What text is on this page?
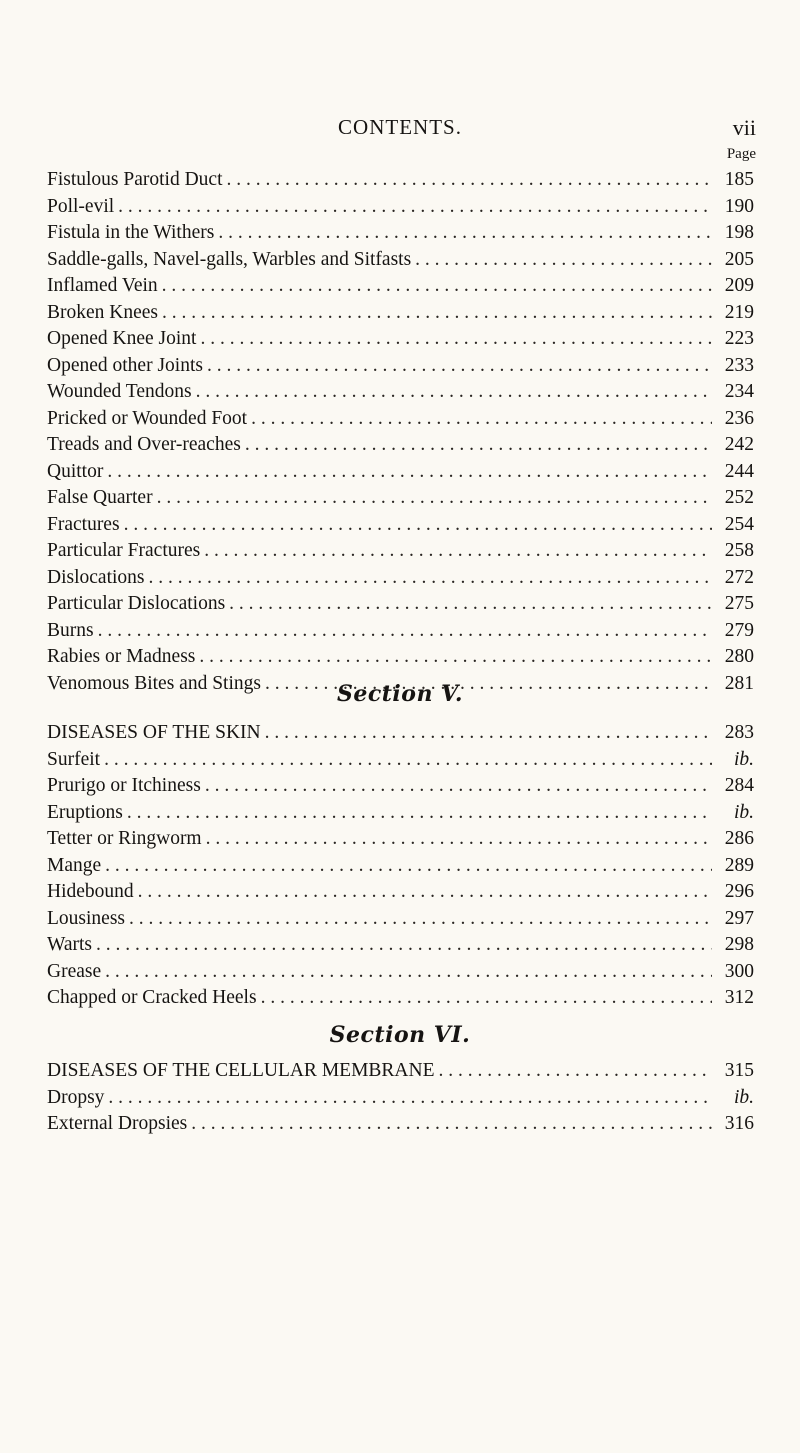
CONTENTS.	vii
Page
Fistulous Parotid Duct . . .	185
Poll-evil . . .	190
Fistula in the Withers . . .	198
Saddle-galls, Navel-galls, Warbles and Sitfasts . . .	205
Inflamed Vein . . .	209
Broken Knees . . .	219
Opened Knee Joint . . .	223
Opened other Joints . . .	233
Wounded Tendons . . .	234
Pricked or Wounded Foot . . .	236
Treads and Over-reaches . . .	242
Quittor . . .	244
False Quarter . . .	252
Fractures . . .	254
Particular Fractures . . .	258
Dislocations . . .	272
Particular Dislocations . . .	275
Burns . . .	279
Rabies or Madness . . .	280
Venomous Bites and Stings . . .	281
Section V.
DISEASES OF THE SKIN . . .	283
Surfeit . . .	ib.
Prurigo or Itchiness . . .	284
Eruptions . . .	ib.
Tetter or Ringworm . . .	286
Mange . . .	289
Hidebound . . .	296
Lousiness . . .	297
Warts . . .	298
Grease . . .	300
Chapped or Cracked Heels . . .	312
Section VI.
DISEASES OF THE CELLULAR MEMBRANE . . .	315
Dropsy . . .	ib.
External Dropsies . . .	316
